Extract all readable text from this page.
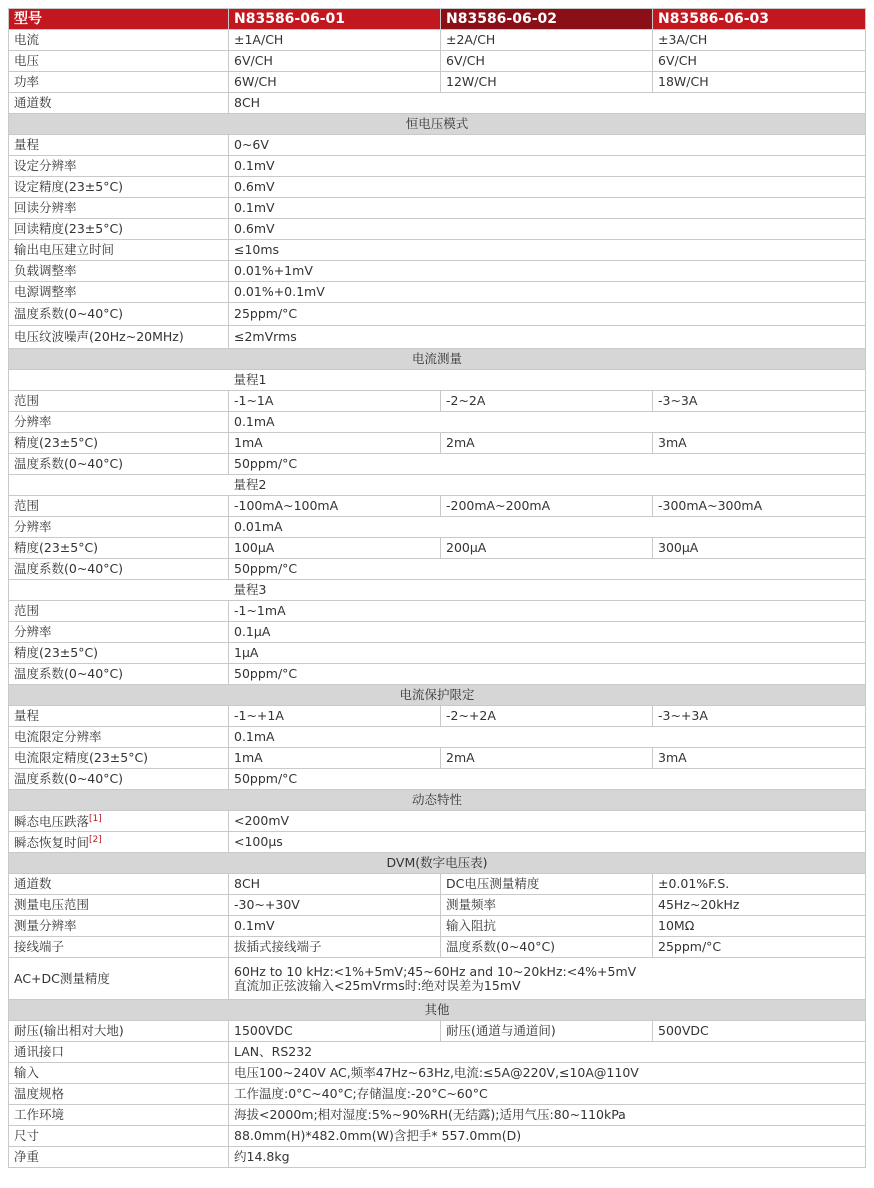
型号	N83586-06-01	N83586-06-02	N83586-06-03
电流	±1A/CH	±2A/CH	±3A/CH
电压	6V/CH	6V/CH	6V/CH
功率	6W/CH	12W/CH	18W/CH
通道数	8CH		
恒电压模式			
量程	0~6V		
设定分辨率	0.1mV		
设定精度(23±5°C)	0.6mV		
回读分辨率	0.1mV		
回读精度(23±5°C)	0.6mV		
输出电压建立时间	≤10ms		
负载调整率	0.01%+1mV		
电源调整率	0.01%+0.1mV		
温度系数(0~40°C)	25ppm/°C		
电压纹波噪声(20Hz~20MHz)	≤2mVrms		
电流测量			
	量程1		
范围	-1~1A	-2~2A	-3~3A
分辨率	0.1mA		
精度(23±5°C)	1mA	2mA	3mA
温度系数(0~40°C)	50ppm/°C		
	量程2		
范围	-100mA~100mA	-200mA~200mA	-300mA~300mA
分辨率	0.01mA		
精度(23±5°C)	100μA	200μA	300μA
温度系数(0~40°C)	50ppm/°C		
	量程3		
范围	-1~1mA		
分辨率	0.1μA		
精度(23±5°C)	1μA		
温度系数(0~40°C)	50ppm/°C		
电流保护限定			
量程	-1~+1A	-2~+2A	-3~+3A
电流限定分辨率	0.1mA		
电流限定精度(23±5°C)	1mA	2mA	3mA
温度系数(0~40°C)	50ppm/°C		
动态特性			
瞬态电压跌落[1]	<200mV		
瞬态恢复时间[2]	<100μs		
DVM(数字电压表)			
通道数	8CH	DC电压测量精度	±0.01%F.S.
测量电压范围	-30~+30V	测量频率	45Hz~20kHz
测量分辨率	0.1mV	输入阻抗	10MΩ
接线端子	拔插式接线端子	温度系数(0~40°C)	25ppm/°C
AC+DC测量精度	60Hz to 10 kHz:<1%+5mV;45~60Hz and 10~20kHz:<4%+5mV
直流加正弦波输入<25mVrms时:绝对误差为15mV		

其他			
耐压(输出相对大地)	1500VDC	耐压(通道与通道间)	500VDC
通讯接口	LAN、RS232		
输入	电压100~240V AC,频率47Hz~63Hz,电流:≤5A@220V,≤10A@110V		
温度规格	工作温度:0°C~40°C;存储温度:-20°C~60°C		
工作环境	海拔<2000m;相对湿度:5%~90%RH(无结露);适用气压:80~110kPa		
尺寸	88.0mm(H)*482.0mm(W)含把手* 557.0mm(D)		
净重	约14.8kg		
